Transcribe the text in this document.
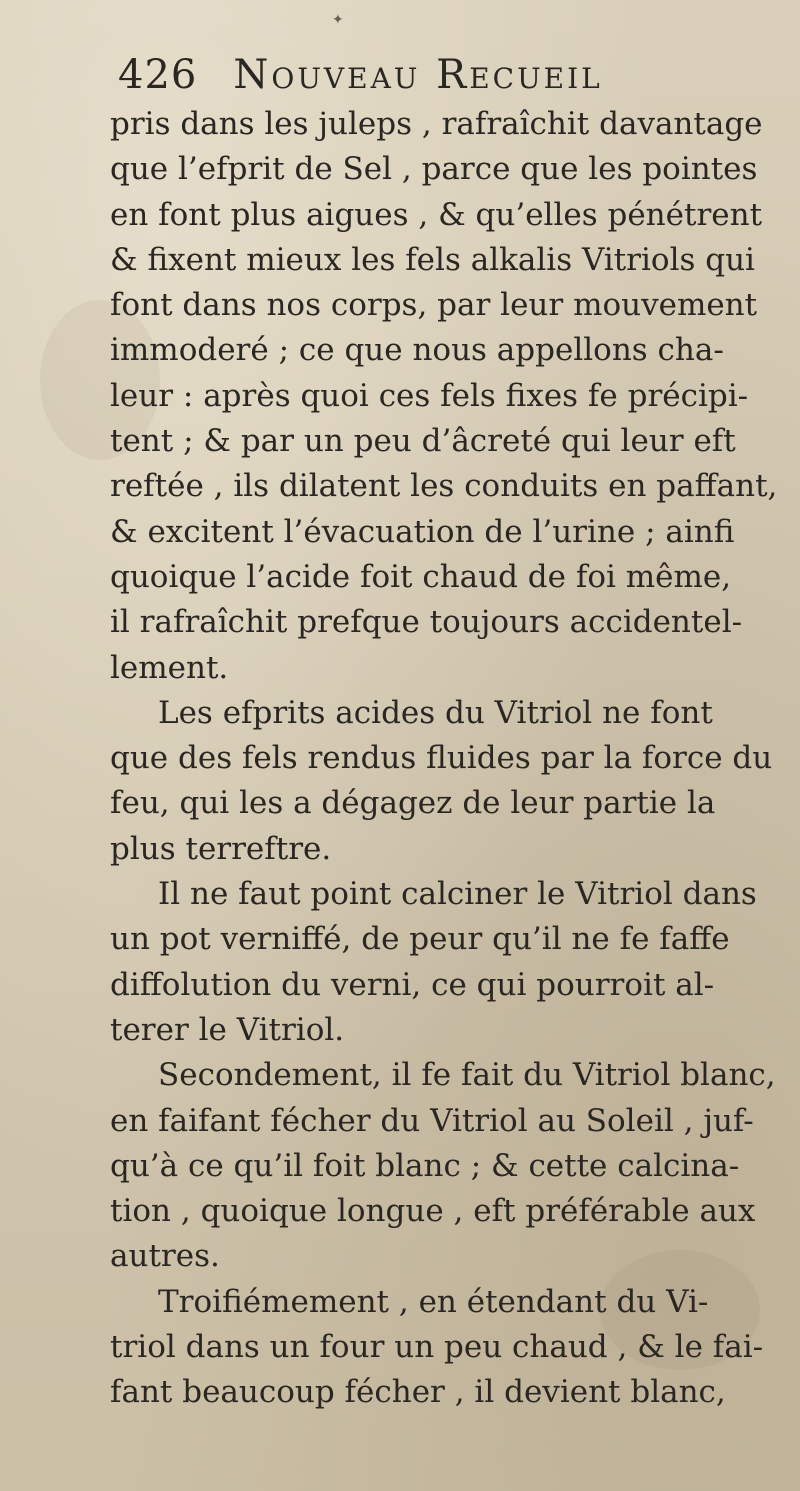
✦
426 Nouveau Recueil
pris dans les juleps , rafraîchit davantage
que l’efprit de Sel , parce que les pointes
en font plus aigues , & qu’elles pénétrent
& fixent mieux les fels alkalis Vitriols qui
font dans nos corps, par leur mouvement
immoderé ; ce que nous appellons cha-
leur : après quoi ces fels fixes fe précipi-
tent ; & par un peu d’âcreté qui leur eft
reftée , ils dilatent les conduits en paffant,
& excitent l’évacuation de l’urine ; ainfi
quoique l’acide foit chaud de foi même,
il rafraîchit prefque toujours accidentel-
lement.
Les efprits acides du Vitriol ne font
que des fels rendus fluides par la force du
feu, qui les a dégagez de leur partie la
plus terreftre.
Il ne faut point calciner le Vitriol dans
un pot verniffé, de peur qu’il ne fe faffe
diffolution du verni, ce qui pourroit al-
terer le Vitriol.
Secondement, il fe fait du Vitriol blanc,
en faifant fécher du Vitriol au Soleil , juf-
qu’à ce qu’il foit blanc ; & cette calcina-
tion , quoique longue , eft préférable aux
autres.
Troifiémement , en étendant du Vi-
triol dans un four un peu chaud , & le fai-
fant beaucoup fécher , il devient blanc,
